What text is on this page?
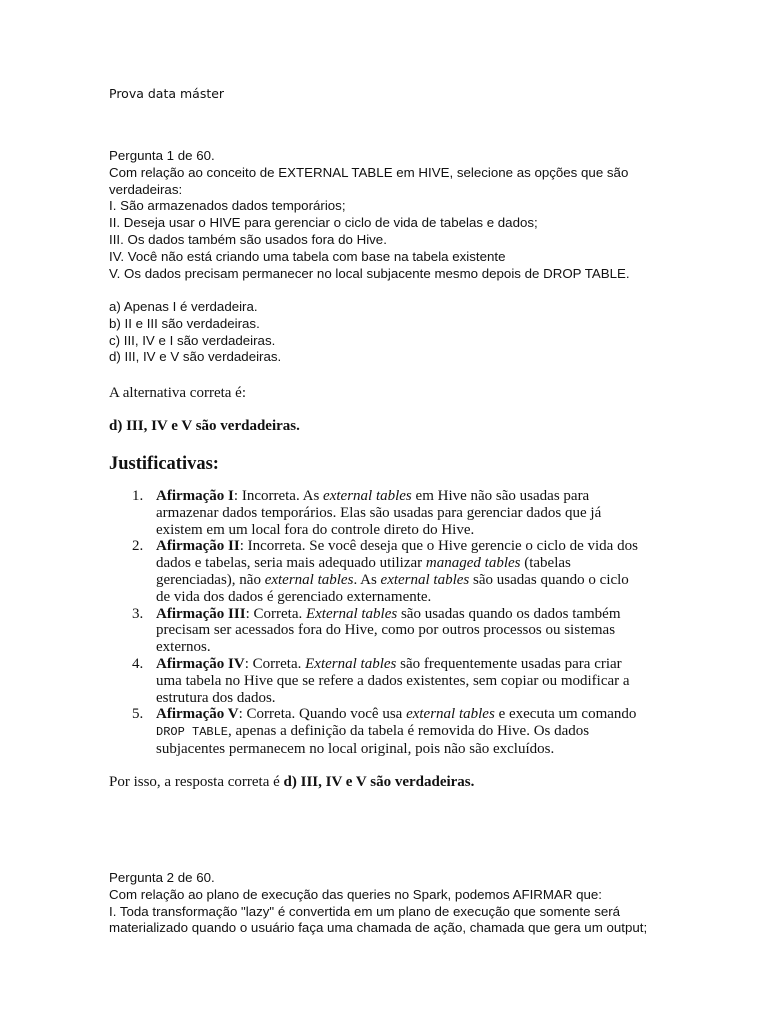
Prova data máster

Pergunta 1 de 60.

Com relação ao conceito de EXTERNAL TABLE em HIVE, selecione as opções que são

verdadeiras:

I. São armazenados dados temporários;

II. Deseja usar o HIVE para gerenciar o ciclo de vida de tabelas e dados;

III. Os dados também são usados fora do Hive.

IV. Você não está criando uma tabela com base na tabela existente

V. Os dados precisam permanecer no local subjacente mesmo depois de DROP TABLE.

a) Apenas I é verdadeira.

b) II e III são verdadeiras.

c) III, IV e I são verdadeiras.

d) III, IV e V são verdadeiras.

A alternativa correta é:
d) III, IV e V são verdadeiras.
Justificativas:
1. Afirmação I: Incorreta. As external tables em Hive não são usadas para
armazenar dados temporários. Elas são usadas para gerenciar dados que já
existem em um local fora do controle direto do Hive.
2. Afirmação II: Incorreta. Se você deseja que o Hive gerencie o ciclo de vida dos
dados e tabelas, seria mais adequado utilizar managed tables (tabelas
gerenciadas), não external tables. As external tables são usadas quando o ciclo
de vida dos dados é gerenciado externamente.
3. Afirmação III: Correta. External tables são usadas quando os dados também
precisam ser acessados fora do Hive, como por outros processos ou sistemas
externos.
4. Afirmação IV: Correta. External tables são frequentemente usadas para criar
uma tabela no Hive que se refere a dados existentes, sem copiar ou modificar a
estrutura dos dados.
5. Afirmação V: Correta. Quando você usa external tables e executa um comando
DROP TABLE, apenas a definição da tabela é removida do Hive. Os dados
subjacentes permanecem no local original, pois não são excluídos.
Por isso, a resposta correta é d) III, IV e V são verdadeiras.

Pergunta 2 de 60.

Com relação ao plano de execução das queries no Spark, podemos AFIRMAR que:

I. Toda transformação "lazy" é convertida em um plano de execução que somente será

materializado quando o usuário faça uma chamada de ação, chamada que gera um output;
